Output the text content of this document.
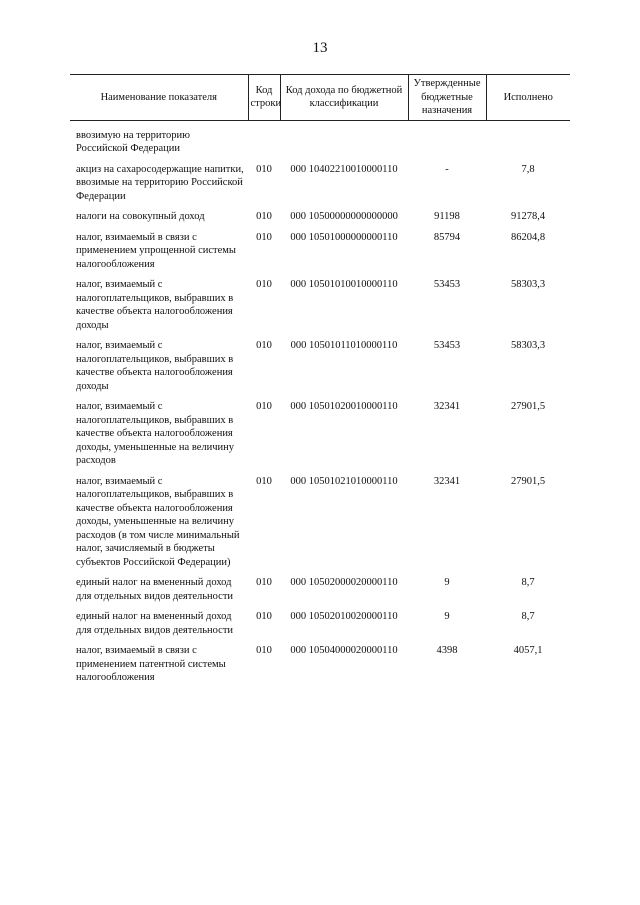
13
Наименование показателя	Код строки	Код дохода по бюджетной классификации	Утвержденные бюджетные назначения	Исполнено

ввозимую на территорию Российской Федерации				
акциз на сахаросодержащие напитки, ввозимые на территорию Российской Федерации	010	000 10402210010000110	-	7,8
налоги на совокупный доход	010	000 10500000000000000	91198	91278,4
налог, взимаемый в связи с применением упрощенной системы налогообложения	010	000 10501000000000110	85794	86204,8
налог, взимаемый с налогоплательщиков, выбравших в качестве объекта налогообложения доходы	010	000 10501010010000110	53453	58303,3
налог, взимаемый с налогоплательщиков, выбравших в качестве объекта налогообложения доходы	010	000 10501011010000110	53453	58303,3
налог, взимаемый с налогоплательщиков, выбравших в качестве объекта налогообложения доходы, уменьшенные на величину расходов	010	000 10501020010000110	32341	27901,5
налог, взимаемый с налогоплательщиков, выбравших в качестве объекта налогообложения доходы, уменьшенные на величину расходов (в том числе минимальный налог, зачисляемый в бюджеты субъектов Российской Федерации)	010	000 10501021010000110	32341	27901,5
единый налог на вмененный доход для отдельных видов деятельности	010	000 10502000020000110	9	8,7
единый налог на вмененный доход для отдельных видов деятельности	010	000 10502010020000110	9	8,7
налог, взимаемый в связи с применением патентной системы налогообложения	010	000 10504000020000110	4398	4057,1
